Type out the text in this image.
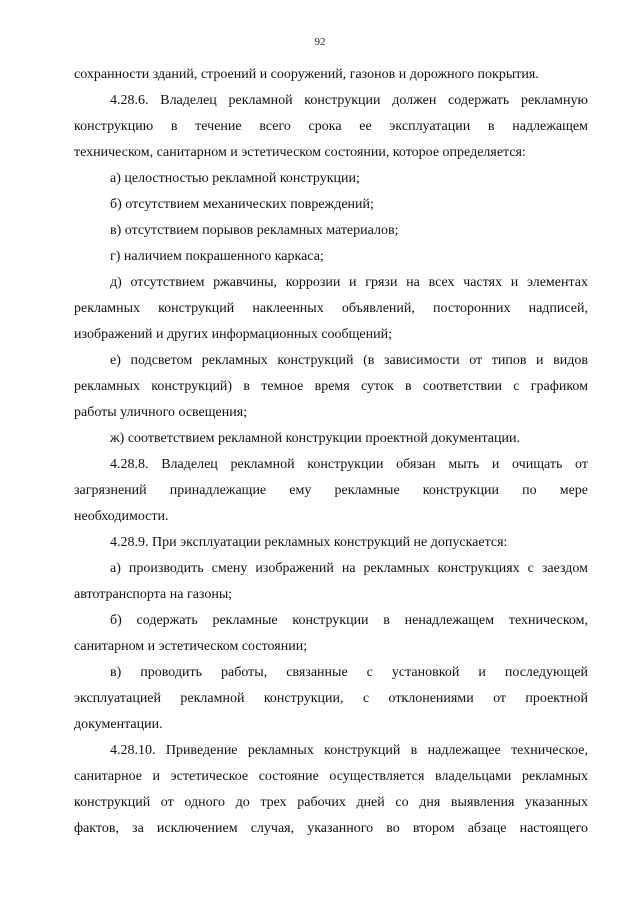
92
сохранности зданий, строений и сооружений, газонов и дорожного покрытия.
4.28.6. Владелец рекламной конструкции должен содержать рекламную
конструкцию в течение всего срока ее эксплуатации в надлежащем
техническом, санитарном и эстетическом состоянии, которое определяется:
а) целостностью рекламной конструкции;
б) отсутствием механических повреждений;
в) отсутствием порывов рекламных материалов;
г) наличием покрашенного каркаса;
д) отсутствием ржавчины, коррозии и грязи на всех частях и элементах
рекламных конструкций наклеенных объявлений, посторонних надписей,
изображений и других информационных сообщений;
е) подсветом рекламных конструкций (в зависимости от типов и видов
рекламных конструкций) в темное время суток в соответствии с графиком
работы уличного освещения;
ж) соответствием рекламной конструкции проектной документации.
4.28.8. Владелец рекламной конструкции обязан мыть и очищать от
загрязнений принадлежащие ему рекламные конструкции по мере
необходимости.
4.28.9. При эксплуатации рекламных конструкций не допускается:
а) производить смену изображений на рекламных конструкциях с заездом
автотранспорта на газоны;
б) содержать рекламные конструкции в ненадлежащем техническом,
санитарном и эстетическом состоянии;
в) проводить работы, связанные с установкой и последующей
эксплуатацией рекламной конструкции, с отклонениями от проектной
документации.
4.28.10. Приведение рекламных конструкций в надлежащее техническое,
санитарное и эстетическое состояние осуществляется владельцами рекламных
конструкций от одного до трех рабочих дней со дня выявления указанных
фактов, за исключением случая, указанного во втором абзаце настоящего
